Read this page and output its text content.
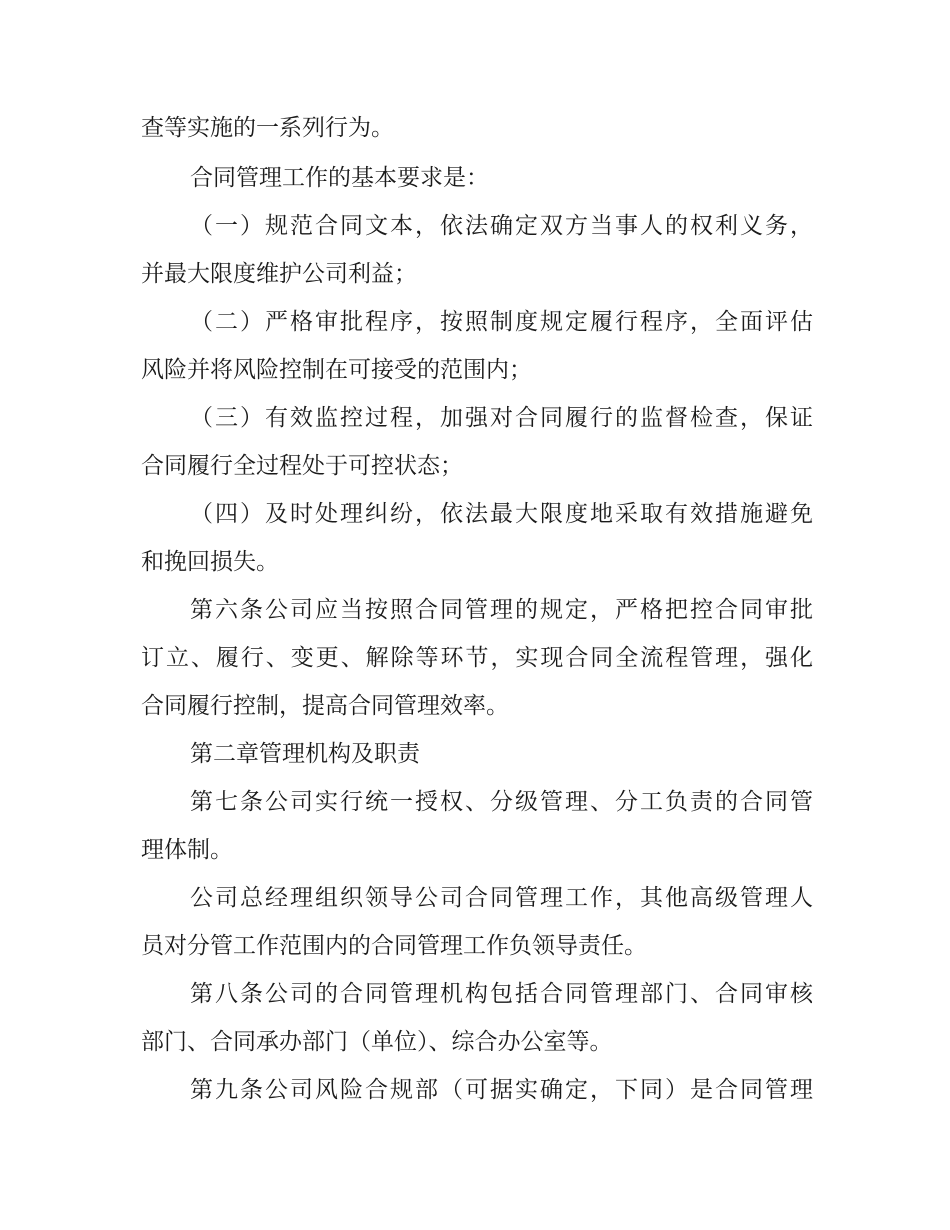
查等实施的一系列行为。

合同管理工作的基本要求是：

（一）规范合同文本，依法确定双方当事人的权利义务，

并最大限度维护公司利益；

（二）严格审批程序，按照制度规定履行程序，全面评估

风险并将风险控制在可接受的范围内；

（三）有效监控过程，加强对合同履行的监督检查，保证

合同履行全过程处于可控状态；

（四）及时处理纠纷，依法最大限度地采取有效措施避免

和挽回损失。

第六条公司应当按照合同管理的规定，严格把控合同审批

订立、履行、变更、解除等环节，实现合同全流程管理，强化

合同履行控制，提高合同管理效率。

第二章管理机构及职责

第七条公司实行统一授权、分级管理、分工负责的合同管

理体制。

公司总经理组织领导公司合同管理工作，其他高级管理人

员对分管工作范围内的合同管理工作负领导责任。

第八条公司的合同管理机构包括合同管理部门、合同审核

部门、合同承办部门（单位）、综合办公室等。

第九条公司风险合规部（可据实确定，下同）是合同管理
